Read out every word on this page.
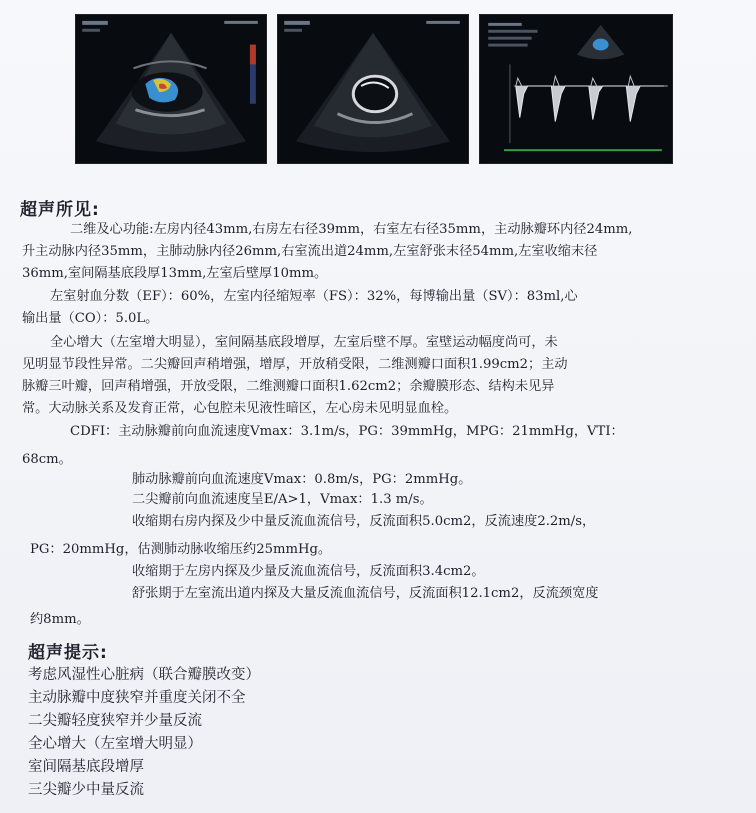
超声所见:
二维及心功能:左房内径43mm,右房左右径39mm，右室左右径35mm，主动脉瓣环内径24mm,
升主动脉内径35mm，主肺动脉内径26mm,右室流出道24mm,左室舒张末径54mm,左室收缩末径
36mm,室间隔基底段厚13mm,左室后壁厚10mm。
左室射血分数（EF）：60%，左室内径缩短率（FS）：32%，每博输出量（SV）：83ml,心
输出量（CO）：5.0L。
全心增大（左室增大明显），室间隔基底段增厚，左室后壁不厚。室壁运动幅度尚可，未
见明显节段性异常。二尖瓣回声稍增强，增厚，开放稍受限，二维测瓣口面积1.99cm2；主动
脉瓣三叶瓣，回声稍增强，开放受限，二维测瓣口面积1.62cm2；余瓣膜形态、结构未见异
常。大动脉关系及发育正常，心包腔未见液性暗区，左心房未见明显血栓。
CDFI：主动脉瓣前向血流速度Vmax：3.1m/s，PG：39mmHg，MPG：21mmHg，VTI：
68cm。
肺动脉瓣前向血流速度Vmax：0.8m/s，PG：2mmHg。
二尖瓣前向血流速度呈E/A>1，Vmax：1.3 m/s。
收缩期右房内探及少中量反流血流信号，反流面积5.0cm2，反流速度2.2m/s，
PG：20mmHg，估测肺动脉收缩压约25mmHg。
收缩期于左房内探及少量反流血流信号，反流面积3.4cm2。
舒张期于左室流出道内探及大量反流血流信号，反流面积12.1cm2，反流颈宽度
约8mm。
超声提示:
考虑风湿性心脏病（联合瓣膜改变）
主动脉瓣中度狭窄并重度关闭不全
二尖瓣轻度狭窄并少量反流
全心增大（左室增大明显）
室间隔基底段增厚
三尖瓣少中量反流
